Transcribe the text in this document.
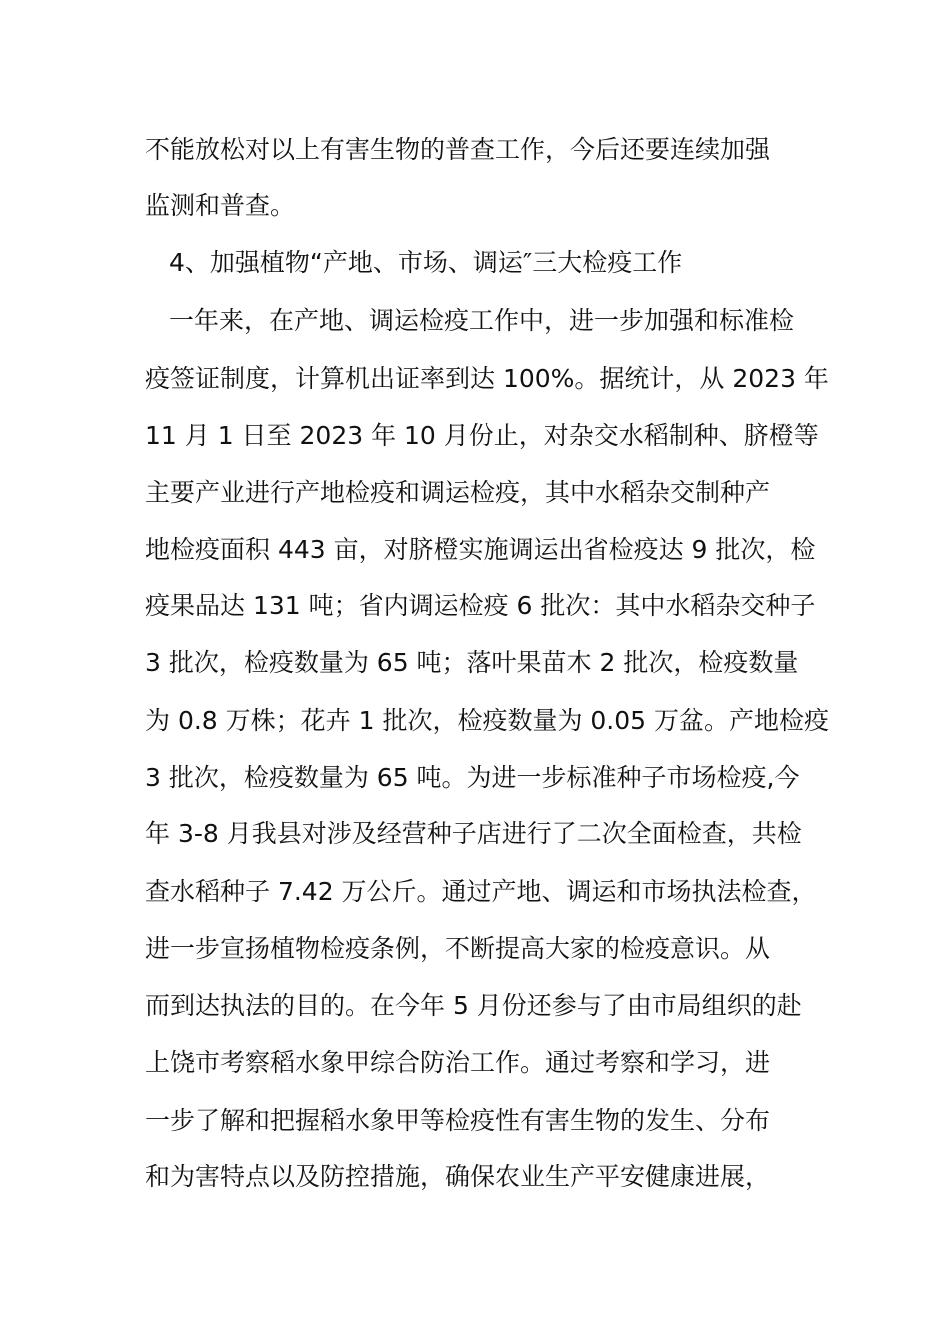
不能放松对以上有害生物的普查工作，今后还要连续加强
监测和普查。
4、加强植物“产地、市场、调运″三大检疫工作
一年来，在产地、调运检疫工作中，进一步加强和标准检
疫签证制度，计算机出证率到达 100%。据统计，从 2023 年
11 月 1 日至 2023 年 10 月份止，对杂交水稻制种、脐橙等
主要产业进行产地检疫和调运检疫，其中水稻杂交制种产
地检疫面积 443 亩，对脐橙实施调运出省检疫达 9 批次，检
疫果品达 131 吨；省内调运检疫 6 批次：其中水稻杂交种子
3 批次，检疫数量为 65 吨；落叶果苗木 2 批次，检疫数量
为 0.8 万株；花卉 1 批次，检疫数量为 0.05 万盆。产地检疫
3 批次，检疫数量为 65 吨。为进一步标准种子市场检疫,今
年 3-8 月我县对涉及经营种子店进行了二次全面检查，共检
查水稻种子 7.42 万公斤。通过产地、调运和市场执法检查，
进一步宣扬植物检疫条例，不断提高大家的检疫意识。从
而到达执法的目的。在今年 5 月份还参与了由市局组织的赴
上饶市考察稻水象甲综合防治工作。通过考察和学习，进
一步了解和把握稻水象甲等检疫性有害生物的发生、分布
和为害特点以及防控措施，确保农业生产平安健康进展，
